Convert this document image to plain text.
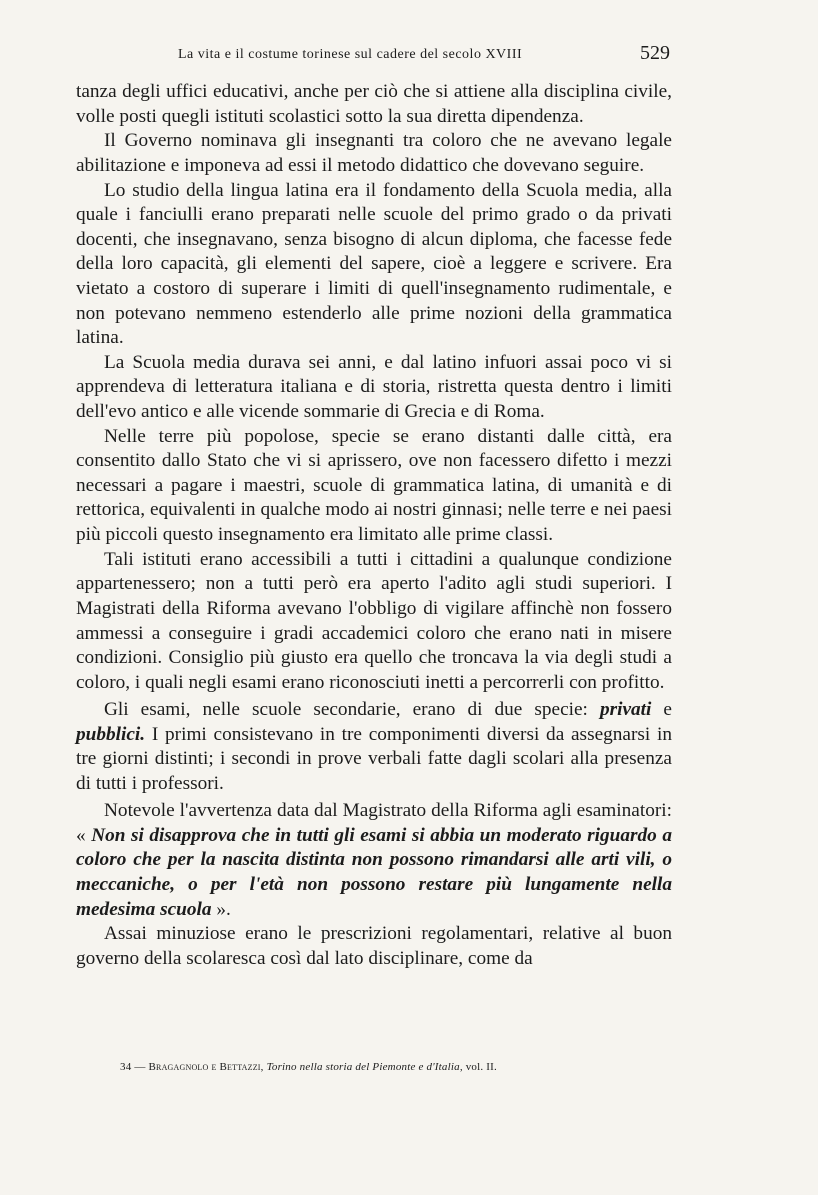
La vita e il costume torinese sul cadere del secolo XVIII	529

tanza degli uffici educativi, anche per ciò che si attiene alla disciplina civile, volle posti quegli istituti scolastici sotto la sua diretta dipendenza.

Il Governo nominava gli insegnanti tra coloro che ne avevano legale abilitazione e imponeva ad essi il metodo didattico che dovevano seguire.

Lo studio della lingua latina era il fondamento della Scuola media, alla quale i fanciulli erano preparati nelle scuole del primo grado o da privati docenti, che insegnavano, senza bisogno di alcun diploma, che facesse fede della loro capacità, gli elementi del sapere, cioè a leggere e scrivere. Era vietato a costoro di superare i limiti di quell'insegnamento rudimentale, e non potevano nemmeno estenderlo alle prime nozioni della grammatica latina.

La Scuola media durava sei anni, e dal latino infuori assai poco vi si apprendeva di letteratura italiana e di storia, ristretta questa dentro i limiti dell'evo antico e alle vicende sommarie di Grecia e di Roma.

Nelle terre più popolose, specie se erano distanti dalle città, era consentito dallo Stato che vi si aprissero, ove non facessero difetto i mezzi necessari a pagare i maestri, scuole di grammatica latina, di umanità e di rettorica, equivalenti in qualche modo ai nostri ginnasi; nelle terre e nei paesi più piccoli questo insegnamento era limitato alle prime classi.

Tali istituti erano accessibili a tutti i cittadini a qualunque condizione appartenessero; non a tutti però era aperto l'adito agli studi superiori. I Magistrati della Riforma avevano l'obbligo di vigilare affinchè non fossero ammessi a conseguire i gradi accademici coloro che erano nati in misere condizioni. Consiglio più giusto era quello che troncava la via degli studi a coloro, i quali negli esami erano riconosciuti inetti a percorrerli con profitto.

Gli esami, nelle scuole secondarie, erano di due specie: privati e pubblici. I primi consistevano in tre componimenti diversi da assegnarsi in tre giorni distinti; i secondi in prove verbali fatte dagli scolari alla presenza di tutti i professori.

Notevole l'avvertenza data dal Magistrato della Riforma agli esaminatori: « Non si disapprova che in tutti gli esami si abbia un moderato riguardo a coloro che per la nascita distinta non possono rimandarsi alle arti vili, o meccaniche, o per l'età non possono restare più lungamente nella medesima scuola ».

Assai minuziose erano le prescrizioni regolamentari, relative al buon governo della scolaresca così dal lato disciplinare, come da

34 — Bragagnolo e Bettazzi, Torino nella storia del Piemonte e d'Italia, vol. II.
